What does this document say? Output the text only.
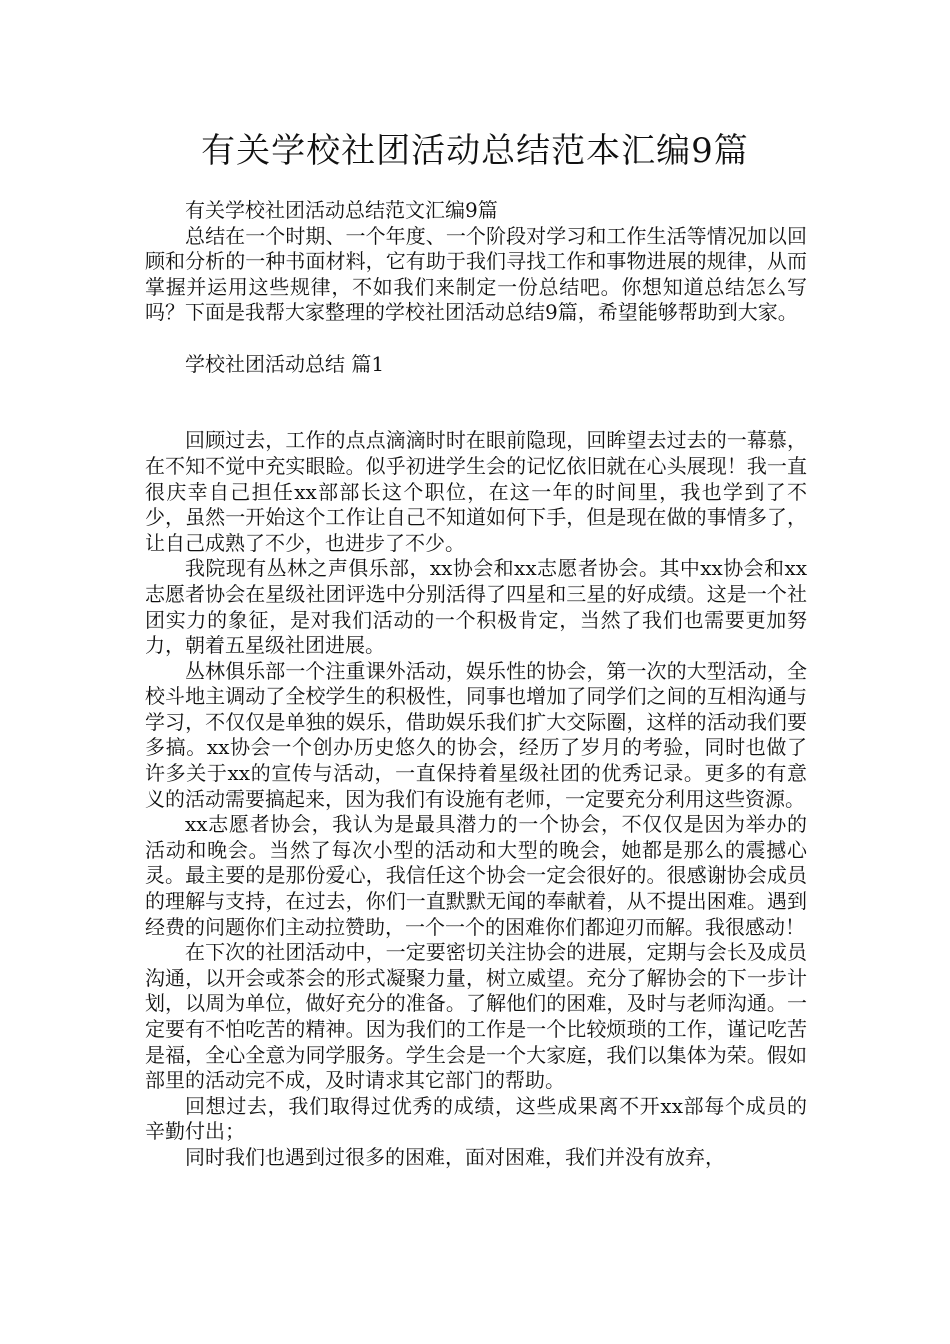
有关学校社团活动总结范本汇编9篇

有关学校社团活动总结范文汇编9篇

总结在一个时期、一个年度、一个阶段对学习和工作生活等情况加以回顾和分析的一种书面材料，它有助于我们寻找工作和事物进展的规律，从而掌握并运用这些规律，不如我们来制定一份总结吧。你想知道总结怎么写吗？下面是我帮大家整理的学校社团活动总结9篇，希望能够帮助到大家。

学校社团活动总结 篇1

回顾过去，工作的点点滴滴时时在眼前隐现，回眸望去过去的一幕慕，在不知不觉中充实眼睑。似乎初进学生会的记忆依旧就在心头展现！我一直很庆幸自己担任xx部部长这个职位，在这一年的时间里，我也学到了不少，虽然一开始这个工作让自己不知道如何下手，但是现在做的事情多了，让自己成熟了不少，也进步了不少。

我院现有丛林之声俱乐部，xx协会和xx志愿者协会。其中xx协会和xx志愿者协会在星级社团评选中分别活得了四星和三星的好成绩。这是一个社团实力的象征，是对我们活动的一个积极肯定，当然了我们也需要更加努力，朝着五星级社团进展。

丛林俱乐部一个注重课外活动，娱乐性的协会，第一次的大型活动，全校斗地主调动了全校学生的积极性，同事也增加了同学们之间的互相沟通与学习，不仅仅是单独的娱乐，借助娱乐我们扩大交际圈，这样的活动我们要多搞。xx协会一个创办历史悠久的协会，经历了岁月的考验，同时也做了许多关于xx的宣传与活动，一直保持着星级社团的优秀记录。更多的有意义的活动需要搞起来，因为我们有设施有老师，一定要充分利用这些资源。

xx志愿者协会，我认为是最具潜力的一个协会，不仅仅是因为举办的活动和晚会。当然了每次小型的活动和大型的晚会，她都是那么的震撼心灵。最主要的是那份爱心，我信任这个协会一定会很好的。很感谢协会成员的理解与支持，在过去，你们一直默默无闻的奉献着，从不提出困难。遇到经费的问题你们主动拉赞助，一个一个的困难你们都迎刃而解。我很感动！

在下次的社团活动中，一定要密切关注协会的进展，定期与会长及成员沟通，以开会或茶会的形式凝聚力量，树立威望。充分了解协会的下一步计划，以周为单位，做好充分的准备。了解他们的困难，及时与老师沟通。一定要有不怕吃苦的精神。因为我们的工作是一个比较烦琐的工作，谨记吃苦是福，全心全意为同学服务。学生会是一个大家庭，我们以集体为荣。假如部里的活动完不成，及时请求其它部门的帮助。

回想过去，我们取得过优秀的成绩，这些成果离不开xx部每个成员的辛勤付出；

同时我们也遇到过很多的困难，面对困难，我们并没有放弃，
